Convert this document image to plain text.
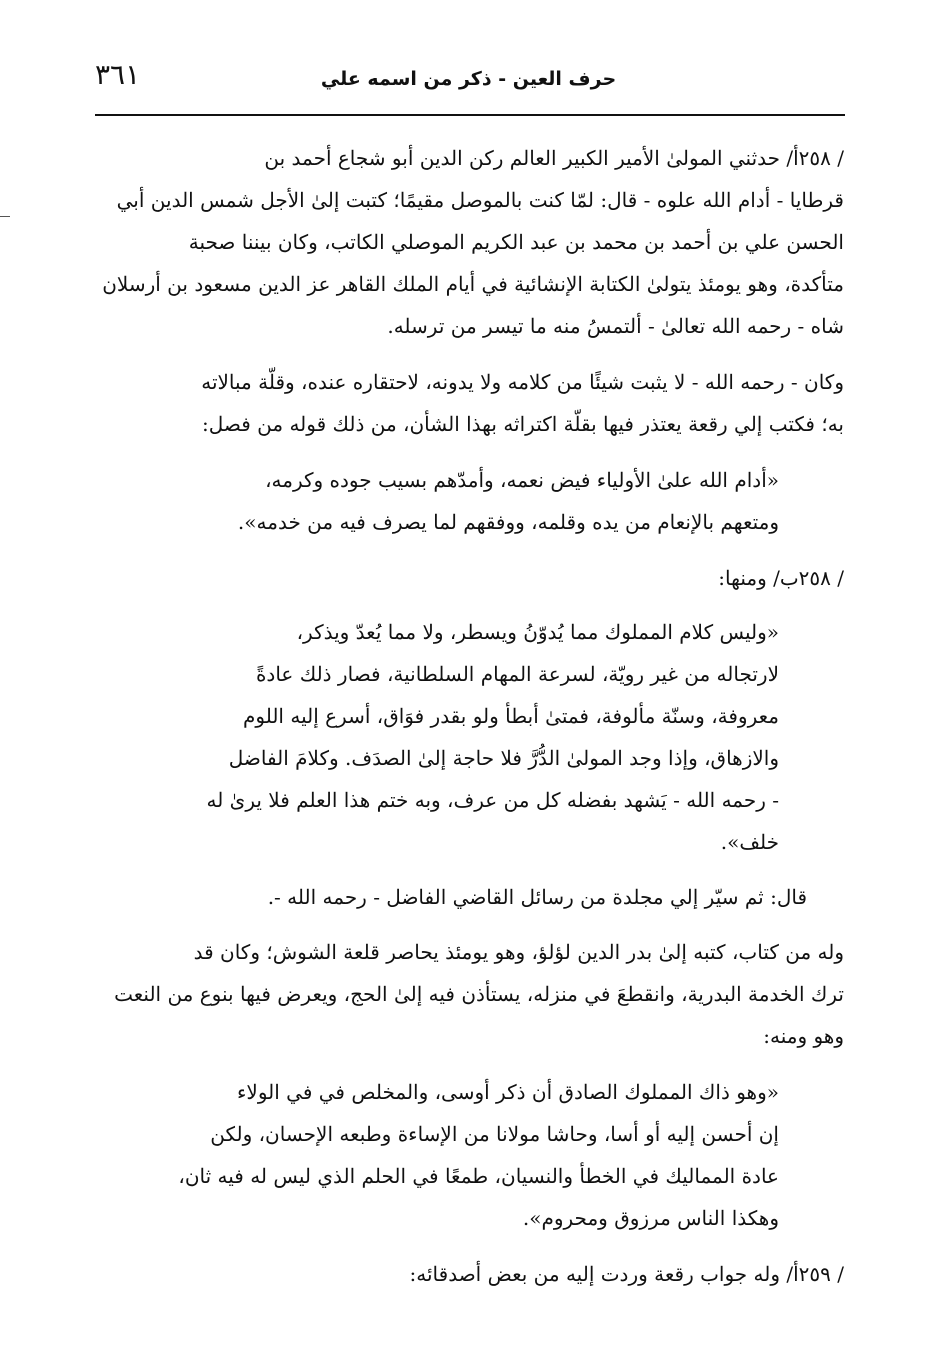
٣٦١	حرف العين - ذكر من اسمه علي
/ ٢٥٨أ/ حدثني المولىٰ الأمير الكبير العالم ركن الدين أبو شجاع أحمد بن
قرطايا - أدام الله علوه - قال: لمّا كنت بالموصل مقيمًا؛ كتبت إلىٰ الأجل شمس الدين أبي
الحسن علي بن أحمد بن محمد بن عبد الكريم الموصلي الكاتب، وكان بيننا صحبة
متأكدة، وهو يومئذ يتولىٰ الكتابة الإنشائية في أيام الملك القاهر عز الدين مسعود بن أرسلان
شاه - رحمه الله تعالىٰ - ألتمسُ منه ما تيسر من ترسله.
وكان - رحمه الله - لا يثبت شيئًا من كلامه ولا يدونه، لاحتقاره عنده، وقلّة مبالاته
به؛ فكتب إلي رقعة يعتذر فيها بقلّة اكتراثه بهذا الشأن، من ذلك قوله من فصل:
«أدام الله علىٰ الأولياء فيض نعمه، وأمدّهم بسيب جوده وكرمه،
ومتعهم بالإنعام من يده وقلمه، ووفقهم لما يصرف فيه من خدمه».
/ ٢٥٨ب/ ومنها:
«وليس كلام المملوك مما يُدوّنُ ويسطر، ولا مما يُعدّ ويذكر،
لارتجاله من غير رويّة، لسرعة المهام السلطانية، فصار ذلك عادةً
معروفة، وسنّة مألوفة، فمتىٰ أبطأ ولو بقدر فوَاق، أسرع إليه اللوم
والازهاق، وإذا وجد المولىٰ الدُّرَّ فلا حاجة إلىٰ الصدَف. وكلامَ الفاضل
- رحمه الله - يَشهد بفضله كل من عرف، وبه ختم هذا العلم فلا يرىٰ له
خلف».
قال: ثم سيّر إلي مجلدة من رسائل القاضي الفاضل - رحمه الله -.
وله من كتاب، كتبه إلىٰ بدر الدين لؤلؤ، وهو يومئذ يحاصر قلعة الشوش؛ وكان قد
ترك الخدمة البدرية، وانقطعَ في منزله، يستأذن فيه إلىٰ الحج، ويعرض فيها بنوع من النعت
وهو ومنه:
«وهو ذاك المملوك الصادق أن ذكر أوسى، والمخلص في في الولاء
إن أحسن إليه أو أسا، وحاشا مولانا من الإساءة وطبعه الإحسان، ولكن
عادة المماليك في الخطأ والنسيان، طمعًا في الحلم الذي ليس له فيه ثان،
وهكذا الناس مرزوق ومحروم».
/ ٢٥٩أ/ وله جواب رقعة وردت إليه من بعض أصدقائه:
